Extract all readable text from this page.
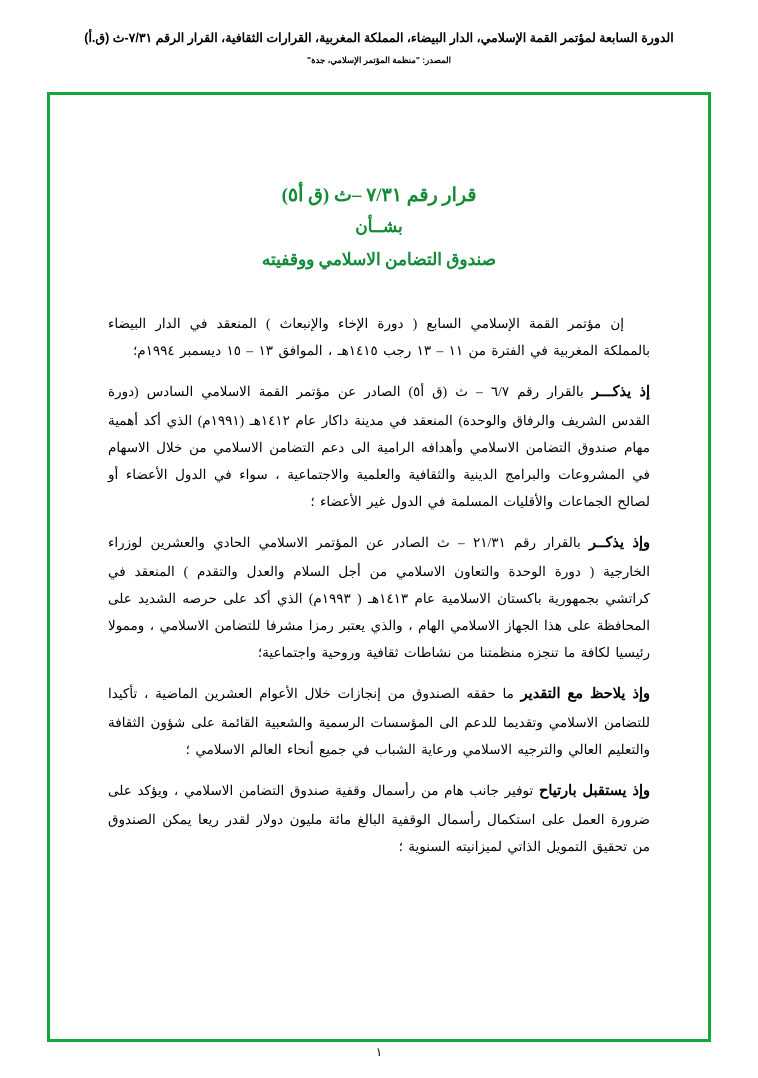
الدورة السابعة لمؤتمر القمة الإسلامي، الدار البيضاء، المملكة المغربية، القرارات الثقافية، القرار الرقم ٧/٣١-ث (ق.أ)
المصدر: "منظمة المؤتمر الإسلامي، جدة"
قرار رقم ٧/٣١ –ث (ق أ٥)
بشــأن
صندوق التضامن الاسلامي ووقفيته

إن مؤتمر القمة الإسلامي السابع ( دورة الإخاء والإنبعاث ) المنعقد في الدار البيضاء بالمملكة المغربية في الفترة من ١١ – ١٣ رجب ١٤١٥هـ ، الموافق ١٣ – ١٥ ديسمبر ١٩٩٤م؛

إذ يذكـــر بالقرار رقم ٦/٧ – ث (ق أ٥) الصادر عن مؤتمر القمة الاسلامي السادس (دورة القدس الشريف والرفاق والوحدة) المنعقد في مدينة داكار عام ١٤١٢هـ (١٩٩١م) الذي أكد أهمية مهام صندوق التضامن الاسلامي وأهدافه الرامية الى دعم التضامن الاسلامي من خلال الاسهام في المشروعات والبرامج الدينية والثقافية والعلمية والاجتماعية ، سواء في الدول الأعضاء أو لصالح الجماعات والأقليات المسلمة في الدول غير الأعضاء ؛

وإذ يذكــر بالقرار رقم ٢١/٣١ – ث الصادر عن المؤتمر الاسلامي الحادي والعشرين لوزراء الخارجية ( دورة الوحدة والتعاون الاسلامي من أجل السلام والعدل والتقدم ) المنعقد في كراتشي بجمهورية باكستان الاسلامية عام ١٤١٣هـ ( ١٩٩٣م) الذي أكد على حرصه الشديد على المحافظة على هذا الجهاز الاسلامي الهام ، والذي يعتبر رمزا مشرفا للتضامن الاسلامي ، وممولا رئيسيا لكافة ما تنجزه منظمتنا من نشاطات ثقافية وروحية واجتماعية؛

وإذ يلاحظ مع التقدير ما حققه الصندوق من إنجازات خلال الأعوام العشرين الماضية ، تأكيدا للتضامن الاسلامي وتقديما للدعم الى المؤسسات الرسمية والشعبية القائمة على شؤون الثقافة والتعليم العالي والترجيه الاسلامي ورعاية الشباب في جميع أنحاء العالم الاسلامي ؛

وإذ يستقبل بارتياح توفير جانب هام من رأسمال وقفية صندوق التضامن الاسلامي ، ويؤكد على ضرورة العمل على استكمال رأسمال الوقفية البالغ مائة مليون دولار لقدر ريعا يمكن الصندوق من تحقيق التمويل الذاتي لميزانيته السنوية ؛

١
